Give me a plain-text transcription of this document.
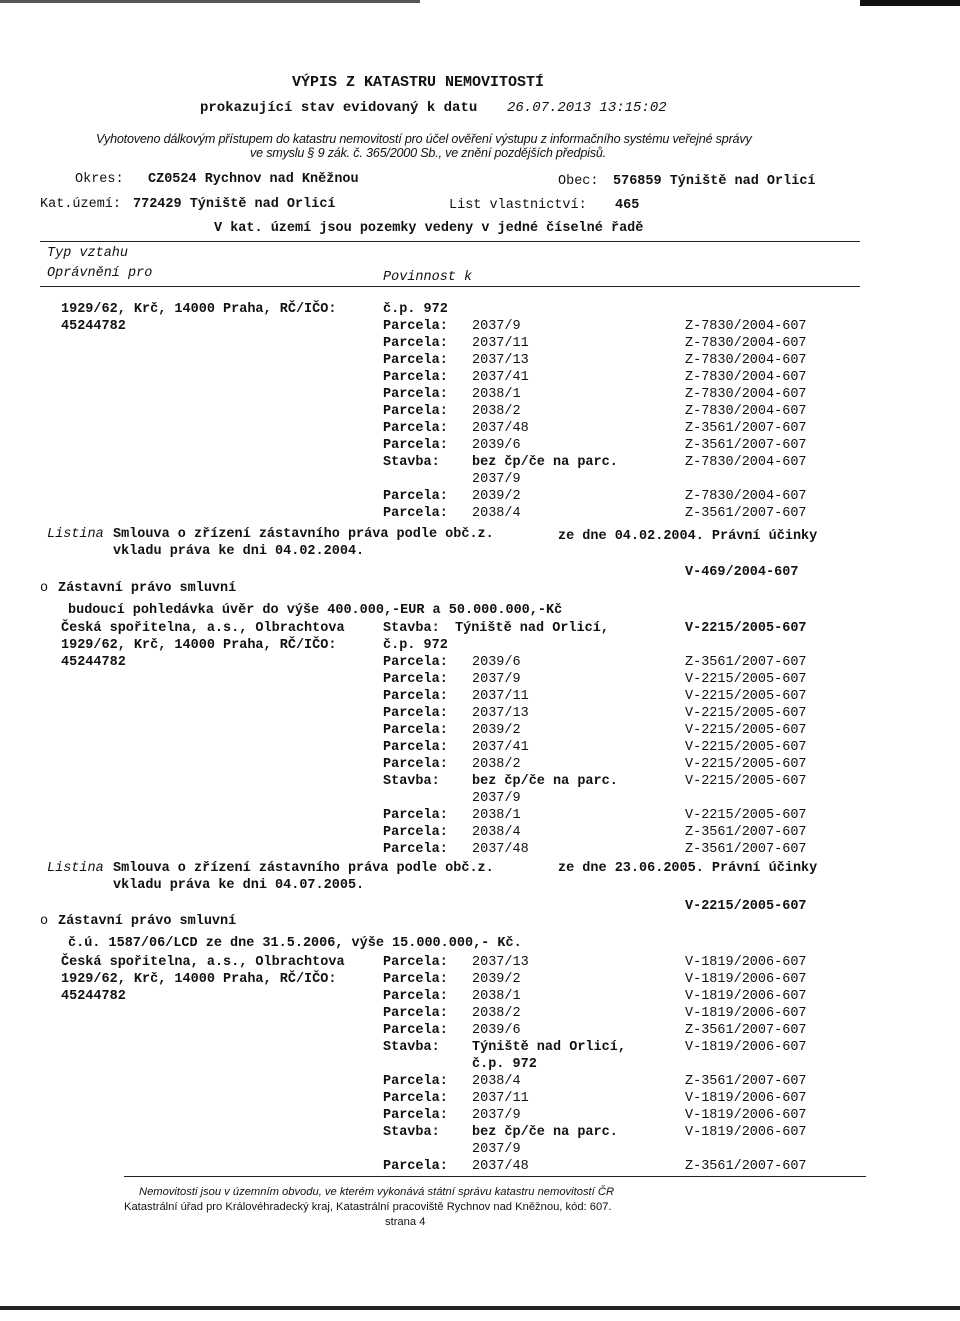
VÝPIS Z KATASTRU NEMOVITOSTÍ
prokazující stav evidovaný k datu 26.07.2013 13:15:02
Vyhotoveno dálkovým přístupem do katastru nemovitostí pro účel ověření výstupu z informačního systému veřejné správy
ve smyslu § 9 zák. č. 365/2000 Sb., ve znění pozdějších předpisů.
Okres: CZ0524 Rychnov nad Kněžnou	Obec: 576859 Týniště nad Orlicí
Kat.území: 772429 Týniště nad Orlicí	List vlastnictví: 465
V kat. území jsou pozemky vedeny v jedné číselné řadě
Typ vztahu
Oprávnění pro	Povinnost k
1929/62, Krč, 14000 Praha, RČ/IČO:
45244782
č.p. 972
Parcela: 2037/9	Z-7830/2004-607
Parcela: 2037/11	Z-7830/2004-607
Parcela: 2037/13	Z-7830/2004-607
Parcela: 2037/41	Z-7830/2004-607
Parcela: 2038/1	Z-7830/2004-607
Parcela: 2038/2	Z-7830/2004-607
Parcela: 2037/48	Z-3561/2007-607
Parcela: 2039/6	Z-3561/2007-607
Stavba: bez čp/če na parc.	Z-7830/2004-607
2037/9
Parcela: 2039/2	Z-7830/2004-607
Parcela: 2038/4	Z-3561/2007-607
Listina Smlouva o zřízení zástavního práva podle obč.z.	ze dne 04.02.2004. Právní účinky
vkladu práva ke dni 04.02.2004.
V-469/2004-607
o Zástavní právo smluvní
budoucí pohledávka úvěr do výše 400.000,-EUR a 50.000.000,-Kč
Česká spořitelna, a.s., Olbrachtova
1929/62, Krč, 14000 Praha, RČ/IČO:
45244782
Stavba: Týniště nad Orlicí,	V-2215/2005-607
č.p. 972
Parcela: 2039/6	Z-3561/2007-607
Parcela: 2037/9	V-2215/2005-607
Parcela: 2037/11	V-2215/2005-607
Parcela: 2037/13	V-2215/2005-607
Parcela: 2039/2	V-2215/2005-607
Parcela: 2037/41	V-2215/2005-607
Parcela: 2038/2	V-2215/2005-607
Stavba: bez čp/če na parc.	V-2215/2005-607
2037/9
Parcela: 2038/1	V-2215/2005-607
Parcela: 2038/4	Z-3561/2007-607
Parcela: 2037/48	Z-3561/2007-607
Listina Smlouva o zřízení zástavního práva podle obč.z.	ze dne 23.06.2005. Právní účinky
vkladu práva ke dni 04.07.2005.
V-2215/2005-607
o Zástavní právo smluvní
č.ú. 1587/06/LCD ze dne 31.5.2006, výše 15.000.000,- Kč.
Česká spořitelna, a.s., Olbrachtova
1929/62, Krč, 14000 Praha, RČ/IČO:
45244782
Parcela: 2037/13	V-1819/2006-607
Parcela: 2039/2	V-1819/2006-607
Parcela: 2038/1	V-1819/2006-607
Parcela: 2038/2	V-1819/2006-607
Parcela: 2039/6	Z-3561/2007-607
Stavba: Týniště nad Orlicí,	V-1819/2006-607
č.p. 972
Parcela: 2038/4	Z-3561/2007-607
Parcela: 2037/11	V-1819/2006-607
Parcela: 2037/9	V-1819/2006-607
Stavba: bez čp/če na parc.	V-1819/2006-607
2037/9
Parcela: 2037/48	Z-3561/2007-607
Nemovitosti jsou v územním obvodu, ve kterém vykonává státní správu katastru nemovitostí ČR
Katastrální úřad pro Královéhradecký kraj, Katastrální pracoviště Rychnov nad Kněžnou, kód: 607.
strana 4
